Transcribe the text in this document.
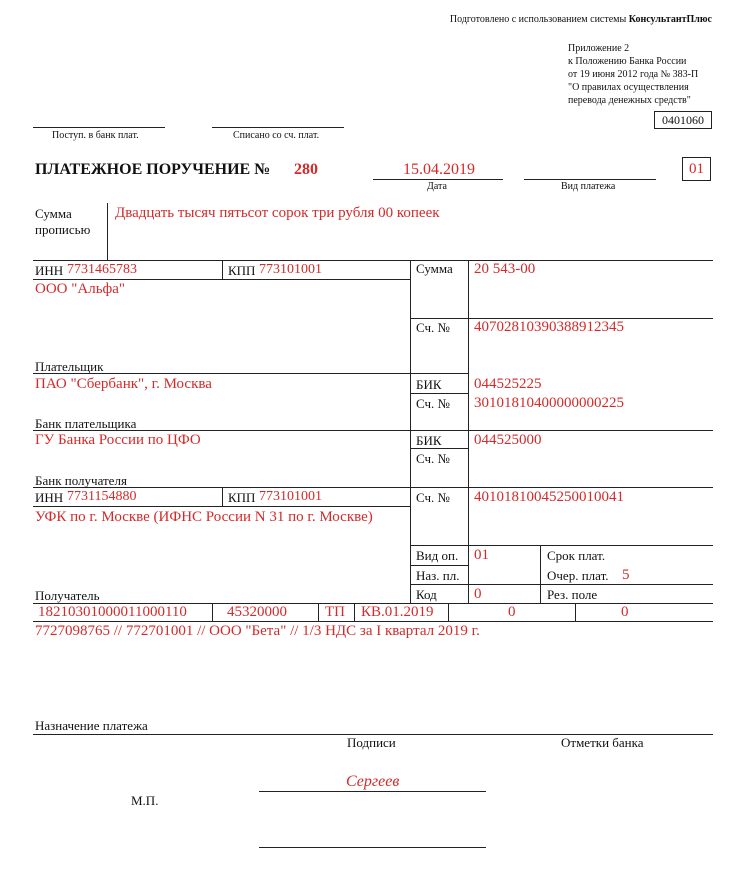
Подготовлено с использованием системы КонсультантПлюс
Приложение 2
к Положению Банка России
от 19 июня 2012 года № 383-П
"О правилах осуществления
перевода денежных средств"
0401060
Поступ. в банк плат.	Списано со сч. плат.
ПЛАТЕЖНОЕ ПОРУЧЕНИЕ № 280	15.04.2019
Дата	Вид платежа
01
Сумма
прописью
Двадцать тысяч пятьсот сорок три рубля 00 копеек
ИНН 7731465783	КПП 773101001
ООО "Альфа"
Плательщик
Сумма 20 543-00
Сч. № 40702810390388912345
ПАО "Сбербанк", г. Москва
Банк плательщика
БИК 044525225
Сч. № 30101810400000000225
ГУ Банка России по ЦФО
Банк получателя
БИК 044525000
Сч. №
ИНН 7731154880	КПП 773101001
УФК по г. Москве (ИФНС России N 31 по г. Москве)
Получатель
Сч. № 40101810045250010041
Вид оп. 01	Срок плат.
Наз. пл.	Очер. плат. 5
Код 0	Рез. поле
18210301000011000110	45320000	ТП КВ.01.2019	0	0
7727098765 // 772701001 // ООО "Бета" // 1/3 НДС за I квартал 2019 г.
Назначение платежа
Подписи	Отметки банка
Сергеев
М.П.
